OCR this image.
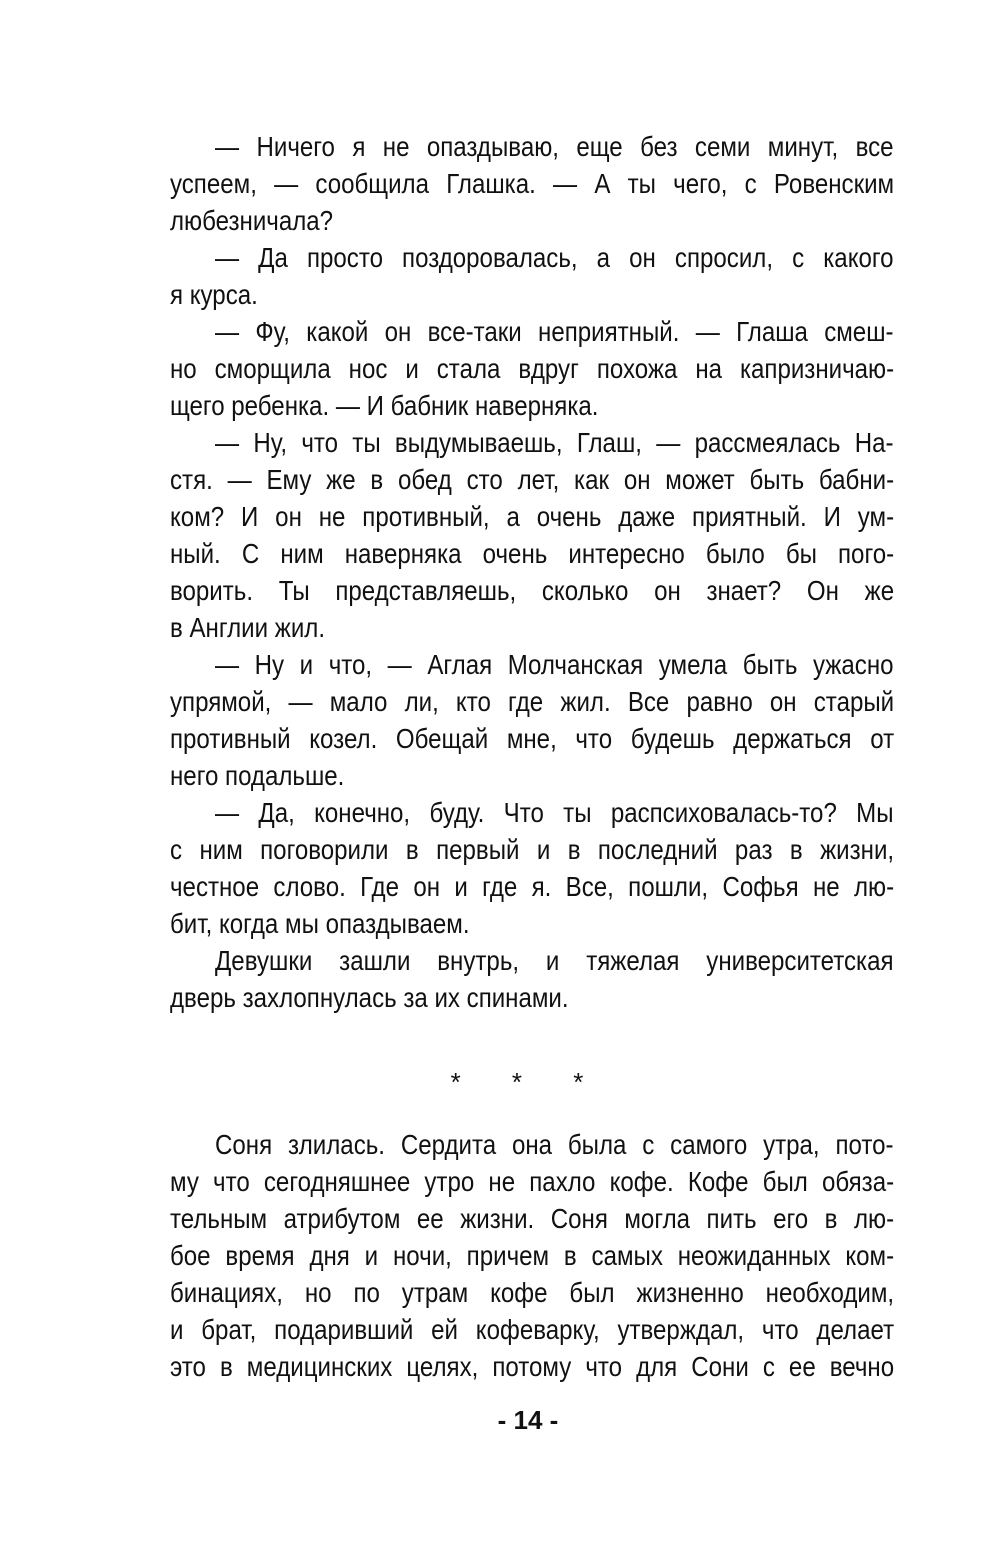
— Ничего я не опаздываю, еще без семи минут, все
успеем, — сообщила Глашка. — А ты чего, с Ровенским
любезничала?
— Да просто поздоровалась, а он спросил, с какого
я курса.
— Фу, какой он все-таки неприятный. — Глаша смеш-
но сморщила нос и стала вдруг похожа на капризничаю-
щего ребенка. — И бабник наверняка.
— Ну, что ты выдумываешь, Глаш, — рассмеялась На-
стя. — Ему же в обед сто лет, как он может быть бабни-
ком? И он не противный, а очень даже приятный. И ум-
ный. С ним наверняка очень интересно было бы пого-
ворить. Ты представляешь, сколько он знает? Он же
в Англии жил.
— Ну и что, — Аглая Молчанская умела быть ужасно
упрямой, — мало ли, кто где жил. Все равно он старый
противный козел. Обещай мне, что будешь держаться от
него подальше.
— Да, конечно, буду. Что ты распсиховалась-то? Мы
с ним поговорили в первый и в последний раз в жизни,
честное слово. Где он и где я. Все, пошли, Софья не лю-
бит, когда мы опаздываем.
Девушки зашли внутрь, и тяжелая университетская
дверь захлопнулась за их спинами.
* * *
Соня злилась. Сердита она была с самого утра, пото-
му что сегодняшнее утро не пахло кофе. Кофе был обяза-
тельным атрибутом ее жизни. Соня могла пить его в лю-
бое время дня и ночи, причем в самых неожиданных ком-
бинациях, но по утрам кофе был жизненно необходим,
и брат, подаривший ей кофеварку, утверждал, что делает
это в медицинских целях, потому что для Сони с ее вечно
- 14 -
